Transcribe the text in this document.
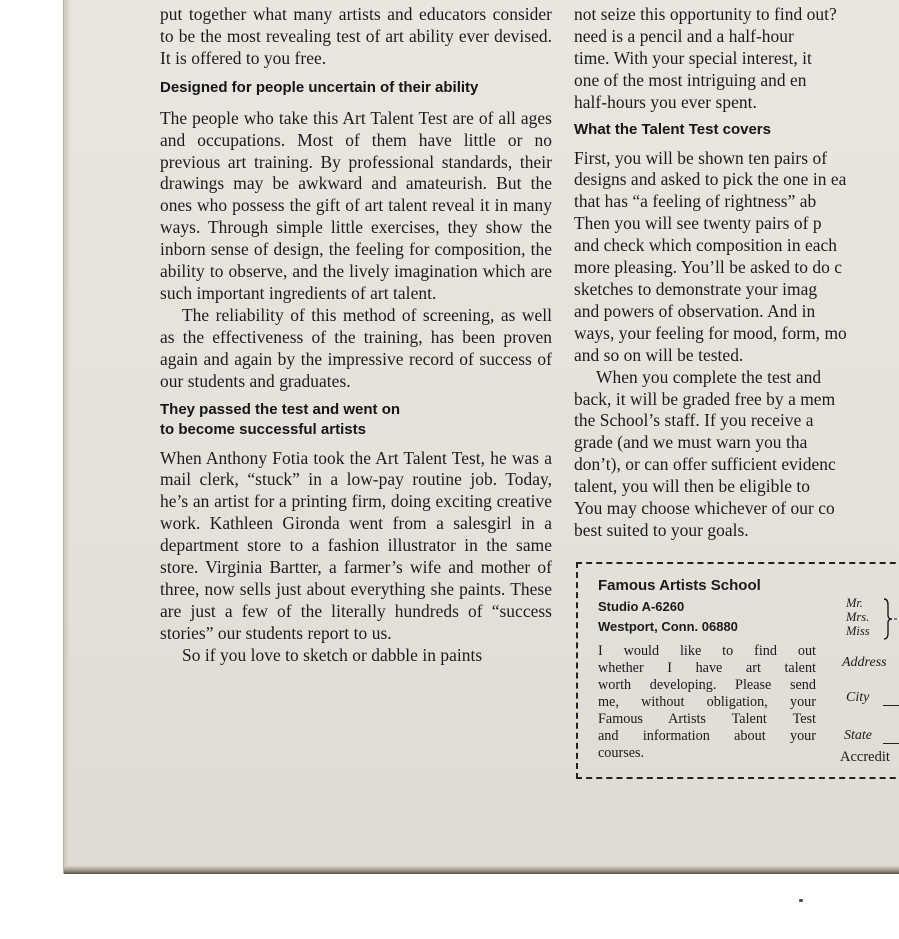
put together what many artists and educators consider to be the most revealing test of art ability ever devised. It is offered to you free.

Designed for people uncertain of their ability

The people who take this Art Talent Test are of all ages and occupations. Most of them have little or no previous art training. By professional standards, their drawings may be awkward and amateurish. But the ones who possess the gift of art talent reveal it in many ways. Through simple little exercises, they show the inborn sense of design, the feeling for composition, the ability to observe, and the lively imagination which are such important ingredients of art talent.

The reliability of this method of screening, as well as the effectiveness of the training, has been proven again and again by the impressive record of success of our students and graduates.

They passed the test and went on

to become successful artists

When Anthony Fotia took the Art Talent Test, he was a mail clerk, “stuck” in a low-pay routine job. Today, he’s an artist for a printing firm, doing exciting creative work. Kathleen Gironda went from a salesgirl in a department store to a fashion illustrator in the same store. Virginia Bartter, a farmer’s wife and mother of three, now sells just about everything she paints. These are just a few of the literally hundreds of “success stories” our students report to us.

So if you love to sketch or dabble in paints

not seize this opportunity to find out?
need is a pencil and a half-hour
time. With your special interest, it
one of the most intriguing and en
half-hours you ever spent.

What the Talent Test covers

First, you will be shown ten pairs of
designs and asked to pick the one in ea
that has “a feeling of rightness” ab
Then you will see twenty pairs of p
and check which composition in each
more pleasing. You’ll be asked to do c
sketches to demonstrate your imag
and powers of observation. And in
ways, your feeling for mood, form, mo
and so on will be tested.
When you complete the test and
back, it will be graded free by a mem
the School’s staff. If you receive a
grade (and we must warn you tha
don’t), or can offer sufficient evidenc
talent, you will then be eligible to
You may choose whichever of our co
best suited to your goals.
Famous Artists School
Studio A-6260
Westport, Conn. 06880
I would like to find out
whether I have art talent
worth developing. Please send
me, without obligation, your
Famous Artists Talent Test
and information about your
courses.
Mr.
Mrs.
Miss
Address
City
State
Accredit
